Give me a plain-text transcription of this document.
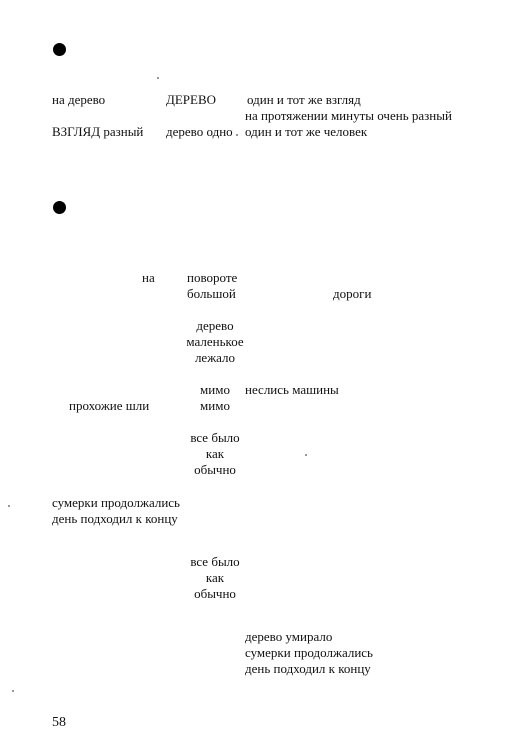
на дерево	ДЕРЕВО один и тот же взгляд
на протяжении минуты очень разный
ВЗГЛЯД разный дерево одно один и тот же человек
на повороте
большой	дороги
дерево
маленькое
лежало
мимо	неслись машины
прохожие шли	мимо
все было
как
обычно
сумерки продолжались
день подходил к концу
все было
как
обычно
дерево умирало
сумерки продолжались
день подходил к концу
58
